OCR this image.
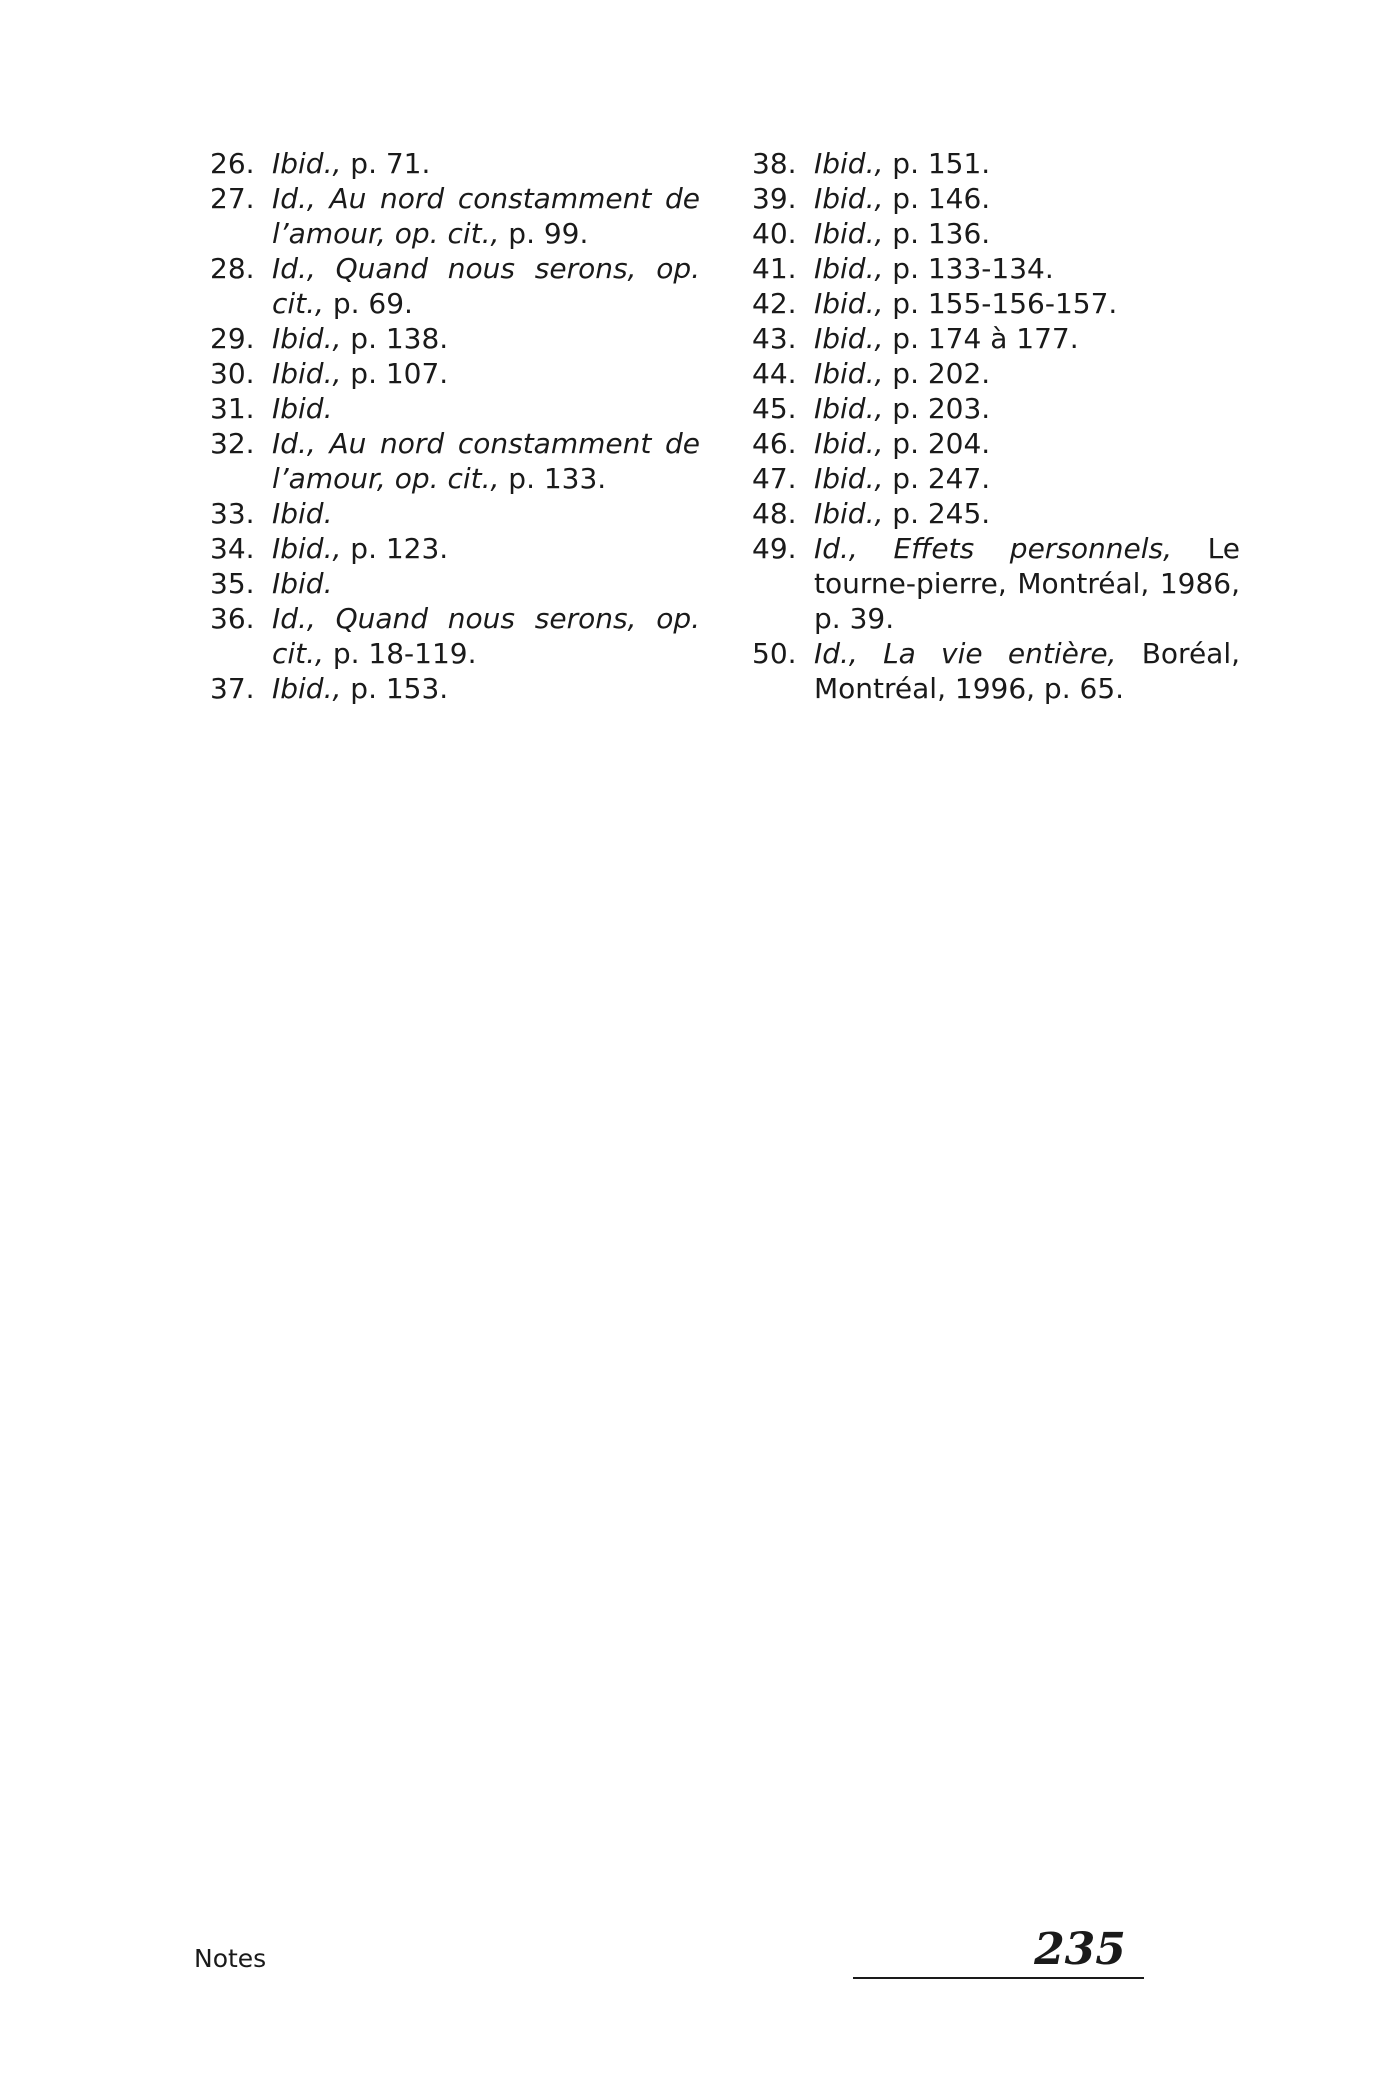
26. Ibid., p. 71.
27. Id., Au nord constamment de l’amour, op. cit., p. 99.
28. Id., Quand nous serons, op. cit., p. 69.
29. Ibid., p. 138.
30. Ibid., p. 107.
31. Ibid.
32. Id., Au nord constamment de l’amour, op. cit., p. 133.
33. Ibid.
34. Ibid., p. 123.
35. Ibid.
36. Id., Quand nous serons, op. cit., p. 18-119.
37. Ibid., p. 153.
38. Ibid., p. 151.
39. Ibid., p. 146.
40. Ibid., p. 136.
41. Ibid., p. 133-134.
42. Ibid., p. 155-156-157.
43. Ibid., p. 174 à 177.
44. Ibid., p. 202.
45. Ibid., p. 203.
46. Ibid., p. 204.
47. Ibid., p. 247.
48. Ibid., p. 245.
49. Id., Effets personnels, Le tourne-pierre, Montréal, 1986, p. 39.
50. Id., La vie entière, Boréal, Montréal, 1996, p. 65.
Notes	235
